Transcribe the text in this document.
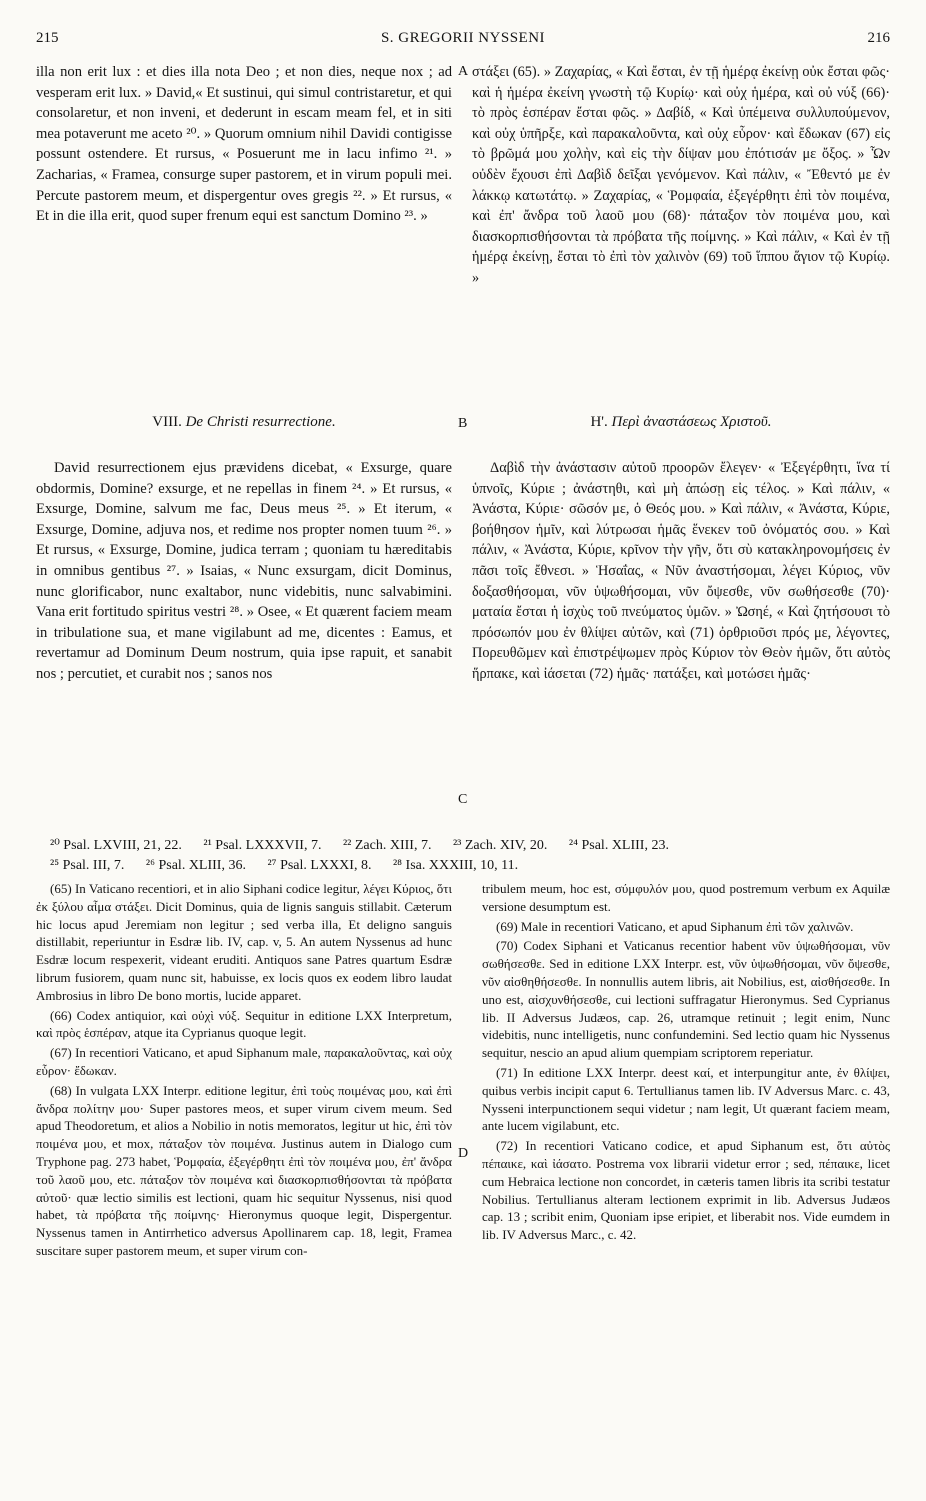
215	S. GREGORII NYSSENI	216

illa non erit lux : et dies illa nota Deo ; et non dies, neque nox ; ad vesperam erit lux. » David,« Et sustinui, qui simul contristaretur, et qui consolaretur, et non inveni, et dederunt in escam meam fel, et in siti mea potaverunt me aceto ²⁰. » Quorum omnium nihil Davidi contigisse possunt ostendere. Et rursus, « Posuerunt me in lacu infimo ²¹. » Zacharias, « Framea, consurge super pastorem, et in virum populi mei. Percute pastorem meum, et dispergentur oves gregis ²². » Et rursus, « Et in die illa erit, quod super frenum equi est sanctum Domino ²³. »

στάξει (65). » Ζαχαρίας, « Καὶ ἔσται, ἐν τῇ ἡμέρᾳ ἐκείνῃ οὐκ ἔσται φῶς· καὶ ἡ ἡμέρα ἐκείνη γνωστὴ τῷ Κυρίῳ· καὶ οὐχ ἡμέρα, καὶ οὐ νύξ (66)· τὸ πρὸς ἑσπέραν ἔσται φῶς. » Δαβίδ, « Καὶ ὑπέμεινα συλλυπούμενον, καὶ οὐχ ὑπῆρξε, καὶ παρακαλοῦντα, καὶ οὐχ εὗρον· καὶ ἔδωκαν (67) εἰς τὸ βρῶμά μου χολὴν, καὶ εἰς τὴν δίψαν μου ἐπότισάν με ὄξος. » Ὧν οὐδὲν ἔχουσι ἐπὶ Δαβὶδ δεῖξαι γενόμενον. Καὶ πάλιν, « Ἔθεντό με ἐν λάκκῳ κατωτάτῳ. » Ζαχαρίας, « Ῥομφαία, ἐξεγέρθητι ἐπὶ τὸν ποιμένα, καὶ ἐπ' ἄνδρα τοῦ λαοῦ μου (68)· πάταξον τὸν ποιμένα μου, καὶ διασκορπισθήσονται τὰ πρόβατα τῆς ποίμνης. » Καὶ πάλιν, « Καὶ ἐν τῇ ἡμέρᾳ ἐκείνῃ, ἔσται τὸ ἐπὶ τὸν χαλινὸν (69) τοῦ ἵππου ἅγιον τῷ Κυρίῳ. »

A
B
C
D
VIII. De Christi resurrectione.	Η'. Περὶ ἀναστάσεως Χριστοῦ.

David resurrectionem ejus prævidens dicebat, « Exsurge, quare obdormis, Domine? exsurge, et ne repellas in finem ²⁴. » Et rursus, « Exsurge, Domine, salvum me fac, Deus meus ²⁵. » Et iterum, « Exsurge, Domine, adjuva nos, et redime nos propter nomen tuum ²⁶. » Et rursus, « Exsurge, Domine, judica terram ; quoniam tu hæreditabis in omnibus gentibus ²⁷. » Isaias, « Nunc exsurgam, dicit Dominus, nunc glorificabor, nunc exaltabor, nunc videbitis, nunc salvabimini. Vana erit fortitudo spiritus vestri ²⁸. » Osee, « Et quærent faciem meam in tribulatione sua, et mane vigilabunt ad me, dicentes : Eamus, et revertamur ad Dominum Deum nostrum, quia ipse rapuit, et sanabit nos ; percutiet, et curabit nos ; sanos nos

Δαβὶδ τὴν ἀνάστασιν αὐτοῦ προορῶν ἔλεγεν· « Ἐξεγέρθητι, ἵνα τί ὑπνοῖς, Κύριε ; ἀνάστηθι, καὶ μὴ ἀπώσῃ εἰς τέλος. » Καὶ πάλιν, « Ἀνάστα, Κύριε· σῶσόν με, ὁ Θεός μου. » Καὶ πάλιν, « Ἀνάστα, Κύριε, βοήθησον ἡμῖν, καὶ λύτρωσαι ἡμᾶς ἕνεκεν τοῦ ὀνόματός σου. » Καὶ πάλιν, « Ἀνάστα, Κύριε, κρῖνον τὴν γῆν, ὅτι σὺ κατακληρονομήσεις ἐν πᾶσι τοῖς ἔθνεσι. » Ἡσαΐας, « Νῦν ἀναστήσομαι, λέγει Κύριος, νῦν δοξασθήσομαι, νῦν ὑψωθήσομαι, νῦν ὄψεσθε, νῦν σωθήσεσθε (70)· ματαία ἔσται ἡ ἰσχὺς τοῦ πνεύματος ὑμῶν. » Ὠσηέ, « Καὶ ζητήσουσι τὸ πρόσωπόν μου ἐν θλίψει αὐτῶν, καὶ (71) ὀρθριοῦσι πρός με, λέγοντες, Πορευθῶμεν καὶ ἐπιστρέψωμεν πρὸς Κύριον τὸν Θεὸν ἡμῶν, ὅτι αὐτὸς ἥρπακε, καὶ ἰάσεται (72) ἡμᾶς· πατάξει, καὶ μοτώσει ἡμᾶς·

²⁰ Psal. LXVIII, 21, 22. ²¹ Psal. LXXXVII, 7. ²² Zach. XIII, 7. ²³ Zach. XIV, 20. ²⁴ Psal. XLIII, 23.
²⁵ Psal. III, 7. ²⁶ Psal. XLIII, 36. ²⁷ Psal. LXXXI, 8. ²⁸ Isa. XXXIII, 10, 11.

(65) In Vaticano recentiori, et in alio Siphani codice legitur, λέγει Κύριος, ὅτι ἐκ ξύλου αἷμα στάξει. Dicit Dominus, quia de lignis sanguis stillabit. Cæterum hic locus apud Jeremiam non legitur ; sed verba illa, Et deligno sanguis distillabit, reperiuntur in Esdræ lib. IV, cap. v, 5. An autem Nyssenus ad hunc Esdræ locum respexerit, videant eruditi. Antiquos sane Patres quartum Esdræ librum fusiorem, quam nunc sit, habuisse, ex locis quos ex eodem libro laudat Ambrosius in libro De bono mortis, lucide apparet.

(66) Codex antiquior, καὶ οὐχὶ νύξ. Sequitur in editione LXX Interpretum, καὶ πρὸς ἑσπέραν, atque ita Cyprianus quoque legit.

(67) In recentiori Vaticano, et apud Siphanum male, παρακαλοῦντας, καὶ οὐχ εὗρον· ἔδωκαν.

(68) In vulgata LXX Interpr. editione legitur, ἐπὶ τοὺς ποιμένας μου, καὶ ἐπὶ ἄνδρα πολίτην μου· Super pastores meos, et super virum civem meum. Sed apud Theodoretum, et alios a Nobilio in notis memoratos, legitur ut hic, ἐπὶ τὸν ποιμένα μου, et mox, πάταξον τὸν ποιμένα. Justinus autem in Dialogo cum Tryphone pag. 273 habet, Ῥομφαία, ἐξεγέρθητι ἐπὶ τὸν ποιμένα μου, ἐπ' ἄνδρα τοῦ λαοῦ μου, etc. πάταξον τὸν ποιμένα καὶ διασκορπισθήσονται τὰ πρόβατα αὐτοῦ· quæ lectio similis est lectioni, quam hic sequitur Nyssenus, nisi quod habet, τὰ πρόβατα τῆς ποίμνης· Hieronymus quoque legit, Dispergentur. Nyssenus tamen in Antirrhetico adversus Apollinarem cap. 18, legit, Framea suscitare super pastorem meum, et super virum con-

tribulem meum, hoc est, σύμφυλόν μου, quod postremum verbum ex Aquilæ versione desumptum est.

(69) Male in recentiori Vaticano, et apud Siphanum ἐπὶ τῶν χαλινῶν.

(70) Codex Siphani et Vaticanus recentior habent νῦν ὑψωθήσομαι, νῦν σωθήσεσθε. Sed in editione LXX Interpr. est, νῦν ὑψωθήσομαι, νῦν ὄψεσθε, νῦν αἰσθηθήσεσθε. In nonnullis autem libris, ait Nobilius, est, αἰσθήσεσθε. In uno est, αἰσχυνθήσεσθε, cui lectioni suffragatur Hieronymus. Sed Cyprianus lib. II Adversus Judæos, cap. 26, utramque retinuit ; legit enim, Nunc videbitis, nunc intelligetis, nunc confundemini. Sed lectio quam hic Nyssenus sequitur, nescio an apud alium quempiam scriptorem reperiatur.

(71) In editione LXX Interpr. deest καί, et interpungitur ante, ἐν θλίψει, quibus verbis incipit caput 6. Tertullianus tamen lib. IV Adversus Marc. c. 43, Nysseni interpunctionem sequi videtur ; nam legit, Ut quærant faciem meam, ante lucem vigilabunt, etc.

(72) In recentiori Vaticano codice, et apud Siphanum est, ὅτι αὐτὸς πέπαικε, καὶ ἰάσατο. Postrema vox librarii videtur error ; sed, πέπαικε, licet cum Hebraica lectione non concordet, in cæteris tamen libris ita scribi testatur Nobilius. Tertullianus alteram lectionem exprimit in lib. Adversus Judæos cap. 13 ; scribit enim, Quoniam ipse eripiet, et liberabit nos. Vide eumdem in lib. IV Adversus Marc., c. 42.
